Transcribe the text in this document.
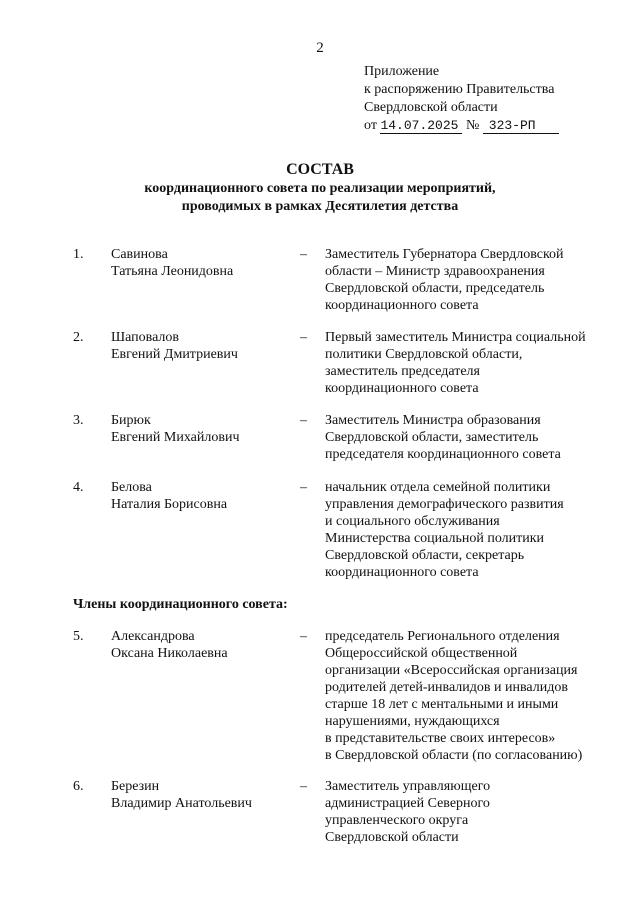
2
Приложение
к распоряжению Правительства
Свердловской области
от 14.07.2025 № 323-РП
СОСТАВ
координационного совета по реализации мероприятий,
проводимых в рамках Десятилетия детства
1. Савинова
Татьяна Леонидовна
– Заместитель Губернатора Свердловской
области – Министр здравоохранения
Свердловской области, председатель
координационного совета
2. Шаповалов
Евгений Дмитриевич
– Первый заместитель Министра социальной
политики Свердловской области,
заместитель председателя
координационного совета
3. Бирюк
Евгений Михайлович
– Заместитель Министра образования
Свердловской области, заместитель
председателя координационного совета
4. Белова
Наталия Борисовна
– начальник отдела семейной политики
управления демографического развития
и социального обслуживания
Министерства социальной политики
Свердловской области, секретарь
координационного совета
Члены координационного совета:
5. Александрова
Оксана Николаевна
– председатель Регионального отделения
Общероссийской общественной
организации «Всероссийская организация
родителей детей-инвалидов и инвалидов
старше 18 лет с ментальными и иными
нарушениями, нуждающихся
в представительстве своих интересов»
в Свердловской области (по согласованию)
6. Березин
Владимир Анатольевич
– Заместитель управляющего
администрацией Северного
управленческого округа
Свердловской области
